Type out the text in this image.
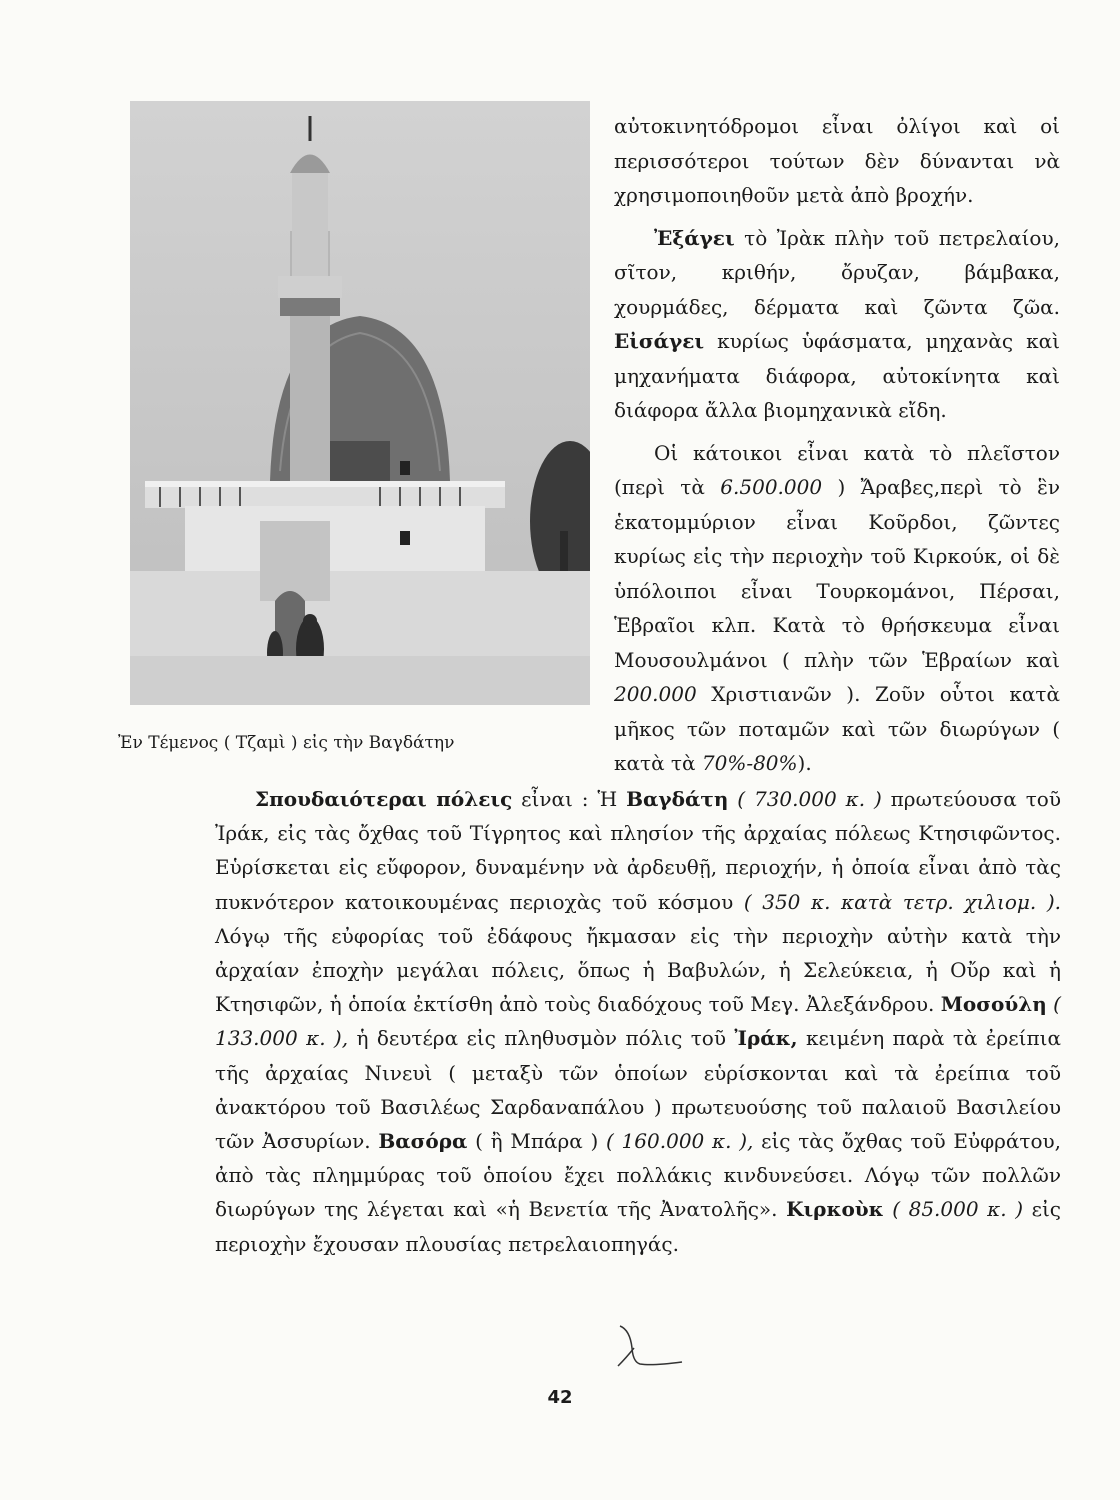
Ἐν Τέμενος ( Τζαμὶ ) εἰς τὴν Βαγδάτην

αὐτοκινητόδρομοι εἶναι ὀλίγοι καὶ οἱ περισσότεροι τούτων δὲν δύνανται νὰ χρησιμοποιηθοῦν μετὰ ἀπὸ βροχήν.

Ἐξάγει τὸ Ἰρὰκ πλὴν τοῦ πετρελαίου, σῖτον, κριθήν, ὄρυζαν, βάμβακα, χουρμάδες, δέρματα καὶ ζῶντα ζῶα. Εἰσάγει κυρίως ὑφάσματα, μηχανὰς καὶ μηχανήματα διάφορα, αὐτοκίνητα καὶ διάφορα ἄλλα βιομηχανικὰ εἴδη.

Οἱ κάτοικοι εἶναι κατὰ τὸ πλεῖστον (περὶ τὰ 6.500.000 ) Ἄραβες,περὶ τὸ ἓν ἑκατομμύριον εἶναι Κοῦρδοι, ζῶντες κυρίως εἰς τὴν περιοχὴν τοῦ Κιρκούκ, οἱ δὲ ὑπόλοιποι εἶναι Τουρκομάνοι, Πέρσαι, Ἑβραῖοι κλπ. Κατὰ τὸ θρήσκευμα εἶναι Μουσουλμάνοι ( πλὴν τῶν Ἑβραίων καὶ 200.000 Χριστιανῶν ). Ζοῦν οὗτοι κατὰ μῆκος τῶν ποταμῶν καὶ τῶν διωρύγων ( κατὰ τὰ 70%-80%).

Σπουδαιότεραι πόλεις εἶναι : Ἡ Βαγδάτη ( 730.000 κ. ) πρωτεύουσα τοῦ Ἰράκ, εἰς τὰς ὄχθας τοῦ Τίγρητος καὶ πλησίον τῆς ἀρχαίας πόλεως Κτησιφῶντος. Εὑρίσκεται εἰς εὔφορον, δυναμένην νὰ ἀρδευθῇ, περιοχήν, ἡ ὁποία εἶναι ἀπὸ τὰς πυκνότερον κατοικουμένας περιοχὰς τοῦ κόσμου ( 350 κ. κατὰ τετρ. χιλιομ. ). Λόγῳ τῆς εὐφορίας τοῦ ἐδάφους ἤκμασαν εἰς τὴν περιοχὴν αὐτὴν κατὰ τὴν ἀρχαίαν ἐποχὴν μεγάλαι πόλεις, ὅπως ἡ Βαβυλών, ἡ Σελεύκεια, ἡ Οὔρ καὶ ἡ Κτησιφῶν, ἡ ὁποία ἐκτίσθη ἀπὸ τοὺς διαδόχους τοῦ Μεγ. Ἀλεξάνδρου. Μοσούλη ( 133.000 κ. ), ἡ δευτέρα εἰς πληθυσμὸν πόλις τοῦ Ἰράκ, κειμένη παρὰ τὰ ἐρείπια τῆς ἀρχαίας Νινευὶ ( μεταξὺ τῶν ὁποίων εὑρίσκονται καὶ τὰ ἐρείπια τοῦ ἀνακτόρου τοῦ Βασιλέως Σαρδαναπάλου ) πρωτευούσης τοῦ παλαιοῦ Βασιλείου τῶν Ἀσσυρίων. Βασόρα ( ἢ Μπάρα ) ( 160.000 κ. ), εἰς τὰς ὄχθας τοῦ Εὐφράτου, ἀπὸ τὰς πλημμύρας τοῦ ὁποίου ἔχει πολλάκις κινδυνεύσει. Λόγῳ τῶν πολλῶν διωρύγων της λέγεται καὶ «ἡ Βενετία τῆς Ἀνατολῆς». Κιρκοὺκ ( 85.000 κ. ) εἰς περιοχὴν ἔχουσαν πλουσίας πετρελαιοπηγάς.

42
